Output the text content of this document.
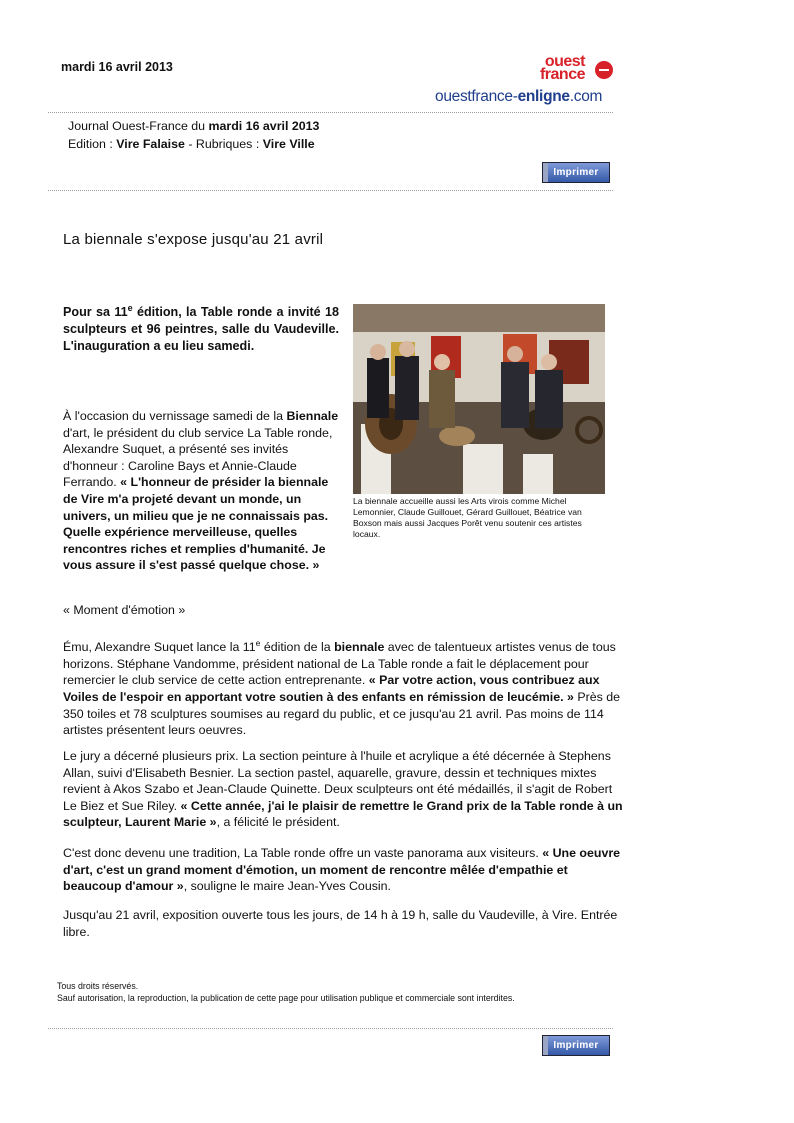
mardi 16 avril 2013	ouest
france
ouestfrance-enligne.com
Journal Ouest-France du mardi 16 avril 2013
Edition : Vire Falaise - Rubriques : Vire Ville
Imprimer
La biennale s'expose jusqu'au 21 avril
Pour sa 11e édition, la Table ronde a invité 18 sculpteurs et 96 peintres, salle du Vaudeville. L'inauguration a eu lieu samedi.
La biennale accueille aussi les Arts virois comme Michel Lemonnier, Claude Guillouet, Gérard Guillouet, Béatrice van Boxson mais aussi Jacques Porêt venu soutenir ces artistes locaux.
À l'occasion du vernissage samedi de la Biennale d'art, le président du club service La Table ronde, Alexandre Suquet, a présenté ses invités d'honneur : Caroline Bays et Annie-Claude Ferrando. « L'honneur de présider la biennale de Vire m'a projeté devant un monde, un univers, un milieu que je ne connaissais pas. Quelle expérience merveilleuse, quelles rencontres riches et remplies d'humanité. Je vous assure il s'est passé quelque chose. »
« Moment d'émotion »
Ému, Alexandre Suquet lance la 11e édition de la biennale avec de talentueux artistes venus de tous horizons. Stéphane Vandomme, président national de La Table ronde a fait le déplacement pour remercier le club service de cette action entreprenante. « Par votre action, vous contribuez aux Voiles de l'espoir en apportant votre soutien à des enfants en rémission de leucémie. » Près de 350 toiles et 78 sculptures soumises au regard du public, et ce jusqu'au 21 avril. Pas moins de 114 artistes présentent leurs oeuvres.
Le jury a décerné plusieurs prix. La section peinture à l'huile et acrylique a été décernée à Stephens Allan, suivi d'Elisabeth Besnier. La section pastel, aquarelle, gravure, dessin et techniques mixtes revient à Akos Szabo et Jean-Claude Quinette. Deux sculpteurs ont été médaillés, il s'agit de Robert Le Biez et Sue Riley. « Cette année, j'ai le plaisir de remettre le Grand prix de la Table ronde à un sculpteur, Laurent Marie », a félicité le président.
C'est donc devenu une tradition, La Table ronde offre un vaste panorama aux visiteurs. « Une oeuvre d'art, c'est un grand moment d'émotion, un moment de rencontre mêlée d'empathie et beaucoup d'amour », souligne le maire Jean-Yves Cousin.
Jusqu'au 21 avril, exposition ouverte tous les jours, de 14 h à 19 h, salle du Vaudeville, à Vire. Entrée libre.
Tous droits réservés.
Sauf autorisation, la reproduction, la publication de cette page pour utilisation publique et commerciale sont interdites.
Imprimer
